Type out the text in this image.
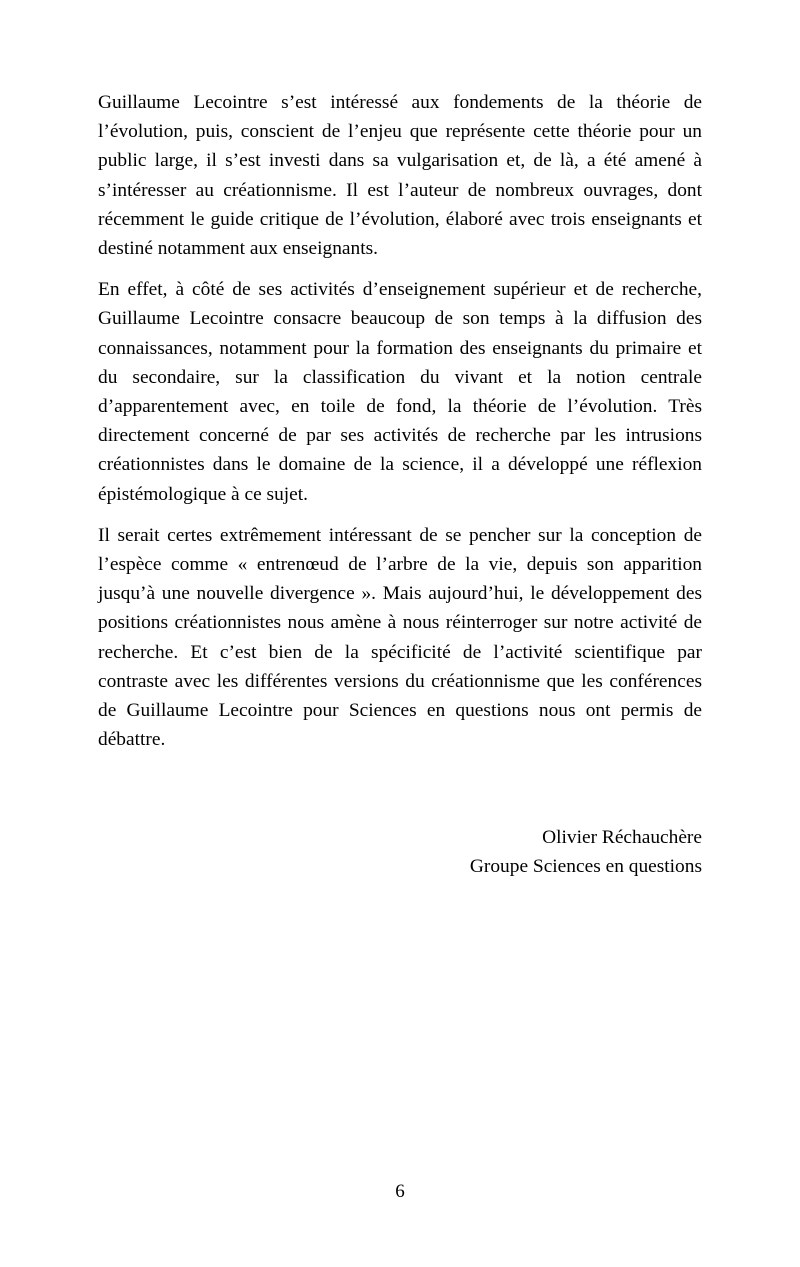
Guillaume Lecointre s’est intéressé aux fondements de la théorie de l’évolution, puis, conscient de l’enjeu que représente cette théorie pour un public large, il s’est investi dans sa vulgarisation et, de là, a été amené à s’intéresser au créationnisme. Il est l’auteur de nombreux ouvrages, dont récemment le guide critique de l’évolution, élaboré avec trois enseignants et destiné notamment aux enseignants.

En effet, à côté de ses activités d’enseignement supérieur et de recherche, Guillaume Lecointre consacre beaucoup de son temps à la diffusion des connaissances, notamment pour la formation des enseignants du primaire et du secondaire, sur la classification du vivant et la notion centrale d’apparentement avec, en toile de fond, la théorie de l’évolution. Très directement concerné de par ses activités de recherche par les intrusions créationnistes dans le domaine de la science, il a développé une réflexion épistémologique à ce sujet.

Il serait certes extrêmement intéressant de se pencher sur la conception de l’espèce comme « entrenœud de l’arbre de la vie, depuis son apparition jusqu’à une nouvelle divergence ». Mais aujourd’hui, le développement des positions créationnistes nous amène à nous réinterroger sur notre activité de recherche. Et c’est bien de la spécificité de l’activité scientifique par contraste avec les différentes versions du créationnisme que les conférences de Guillaume Lecointre pour Sciences en questions nous ont permis de débattre.

Olivier Réchauchère
Groupe Sciences en questions
6
